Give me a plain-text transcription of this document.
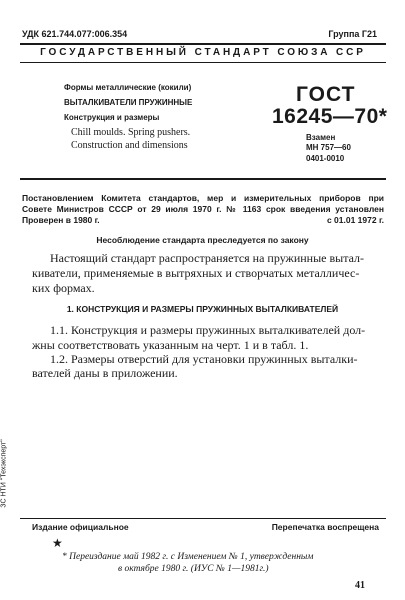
УДК 621.744.077:006.354	Группа Г21
ГОСУДАРСТВЕННЫЙ СТАНДАРТ СОЮЗА ССР
Формы металлические (кокили)
ВЫТАЛКИВАТЕЛИ ПРУЖИННЫЕ
Конструкция и размеры
Chill moulds. Spring pushers.
Construction and dimensions
ГОСТ
16245—70*
Взамен
МН 757—60
0401-0010
Постановлением Комитета стандартов, мер и измерительных приборов при
Совете Министров СССР от 29 июля 1970 г. № 1163 срок введения установлен
Проверен в 1980 г.	с 01.01 1972 г.
Несоблюдение стандарта преследуется по закону
Настоящий стандарт распространяется на пружинные вытал-
киватели, применяемые в вытряхных и створчатых металличес-
ких формах.
1. КОНСТРУКЦИЯ И РАЗМЕРЫ ПРУЖИННЫХ ВЫТАЛКИВАТЕЛЕЙ
1.1. Конструкция и размеры пружинных выталкивателей дол-
жны соответствовать указанным на черт. 1 и в табл. 1.
1.2. Размеры отверстий для установки пружинных выталки-
вателей даны в приложении.
ЗС НТИ "Техэксперт"
Издание официальное	Перепечатка воспрещена
★
* Переиздание май 1982 г. с Изменением № 1, утвержденным
в октябре 1980 г. (ИУС № 1—1981г.)
41
